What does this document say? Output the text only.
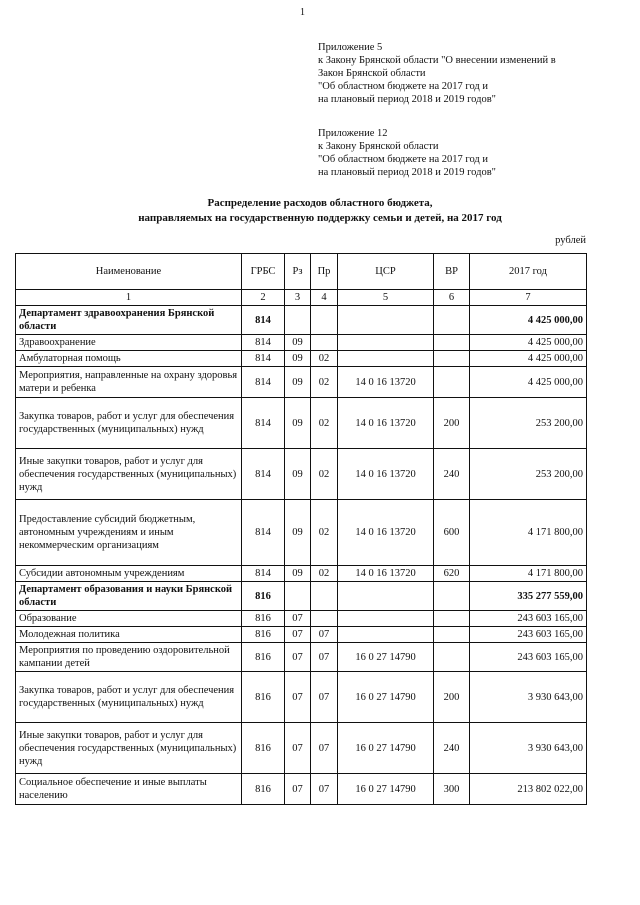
1
Приложение 5
к Закону Брянской области "О внесении изменений в
Закон Брянской области
"Об областном бюджете на 2017 год и
на плановый период 2018 и 2019 годов"
Приложение 12
к Закону Брянской области
"Об областном бюджете на 2017 год и
на плановый период 2018 и 2019 годов"
Распределение расходов областного бюджета,
направляемых на государственную поддержку семьи и детей, на 2017 год
рублей
Наименование	ГРБС	Рз	Пр	ЦСР	ВР	2017 год
1	2	3	4	5	6	7
Департамент здравоохранения Брянской области	814					4 425 000,00
Здравоохранение	814	09				4 425 000,00
Амбулаторная помощь	814	09	02			4 425 000,00
Мероприятия, направленные на охрану здоровья матери и ребенка	814	09	02	14 0 16 13720		4 425 000,00
Закупка товаров, работ и услуг для обеспечения государственных (муниципальных) нужд	814	09	02	14 0 16 13720	200	253 200,00
Иные закупки товаров, работ и услуг для обеспечения государственных (муниципальных) нужд	814	09	02	14 0 16 13720	240	253 200,00
Предоставление субсидий бюджетным, автономным учреждениям и иным некоммерческим организациям	814	09	02	14 0 16 13720	600	4 171 800,00
Субсидии автономным учреждениям	814	09	02	14 0 16 13720	620	4 171 800,00
Департамент образования и науки Брянской области	816					335 277 559,00
Образование	816	07				243 603 165,00
Молодежная политика	816	07	07			243 603 165,00
Мероприятия по проведению оздоровительной кампании детей	816	07	07	16 0 27 14790		243 603 165,00
Закупка товаров, работ и услуг для обеспечения государственных (муниципальных) нужд	816	07	07	16 0 27 14790	200	3 930 643,00
Иные закупки товаров, работ и услуг для обеспечения государственных (муниципальных) нужд	816	07	07	16 0 27 14790	240	3 930 643,00
Социальное обеспечение и иные выплаты населению	816	07	07	16 0 27 14790	300	213 802 022,00
